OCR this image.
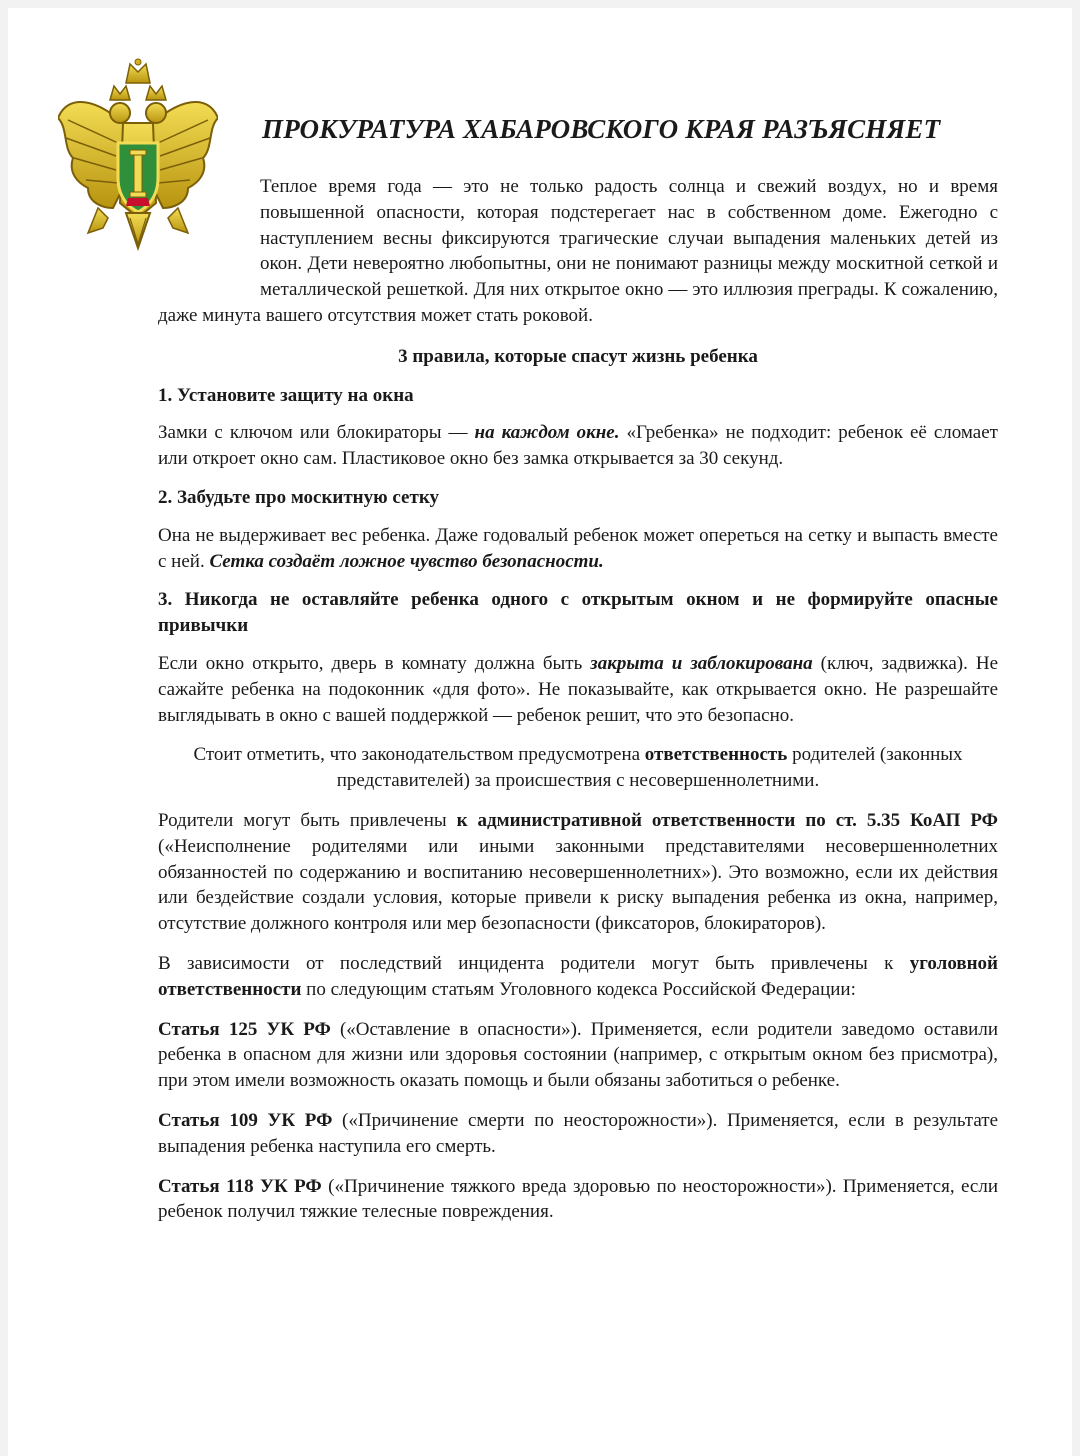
ПРОКУРАТУРА ХАБАРОВСКОГО КРАЯ РАЗЪЯСНЯЕТ

Теплое время года — это не только радость солнца и свежий воздух, но и время повышенной опасности, которая подстерегает нас в собственном доме. Ежегодно с наступлением весны фиксируются трагические случаи выпадения маленьких детей из окон. Дети невероятно любопытны, они не понимают разницы между москитной сеткой и металлической решеткой. Для них открытое окно — это иллюзия преграды. К сожалению, даже минута вашего отсутствия может стать роковой.

3 правила, которые спасут жизнь ребенка

1. Установите защиту на окна

Замки с ключом или блокираторы — на каждом окне. «Гребенка» не подходит: ребенок её сломает или откроет окно сам. Пластиковое окно без замка открывается за 30 секунд.

2. Забудьте про москитную сетку

Она не выдерживает вес ребенка. Даже годовалый ребенок может опереться на сетку и выпасть вместе с ней. Сетка создаёт ложное чувство безопасности.

3. Никогда не оставляйте ребенка одного с открытым окном и не формируйте опасные привычки

Если окно открыто, дверь в комнату должна быть закрыта и заблокирована (ключ, задвижка). Не сажайте ребенка на подоконник «для фото». Не показывайте, как открывается окно. Не разрешайте выглядывать в окно с вашей поддержкой — ребенок решит, что это безопасно.

Стоит отметить, что законодательством предусмотрена ответственность родителей (законных представителей) за происшествия с несовершеннолетними.

Родители могут быть привлечены к административной ответственности по ст. 5.35 КоАП РФ («Неисполнение родителями или иными законными представителями несовершеннолетних обязанностей по содержанию и воспитанию несовершеннолетних»). Это возможно, если их действия или бездействие создали условия, которые привели к риску выпадения ребенка из окна, например, отсутствие должного контроля или мер безопасности (фиксаторов, блокираторов).

В зависимости от последствий инцидента родители могут быть привлечены к уголовной ответственности по следующим статьям Уголовного кодекса Российской Федерации:

Статья 125 УК РФ («Оставление в опасности»). Применяется, если родители заведомо оставили ребенка в опасном для жизни или здоровья состоянии (например, с открытым окном без присмотра), при этом имели возможность оказать помощь и были обязаны заботиться о ребенке.

Статья 109 УК РФ («Причинение смерти по неосторожности»). Применяется, если в результате выпадения ребенка наступила его смерть.

Статья 118 УК РФ («Причинение тяжкого вреда здоровью по неосторожности»). Применяется, если ребенок получил тяжкие телесные повреждения.
